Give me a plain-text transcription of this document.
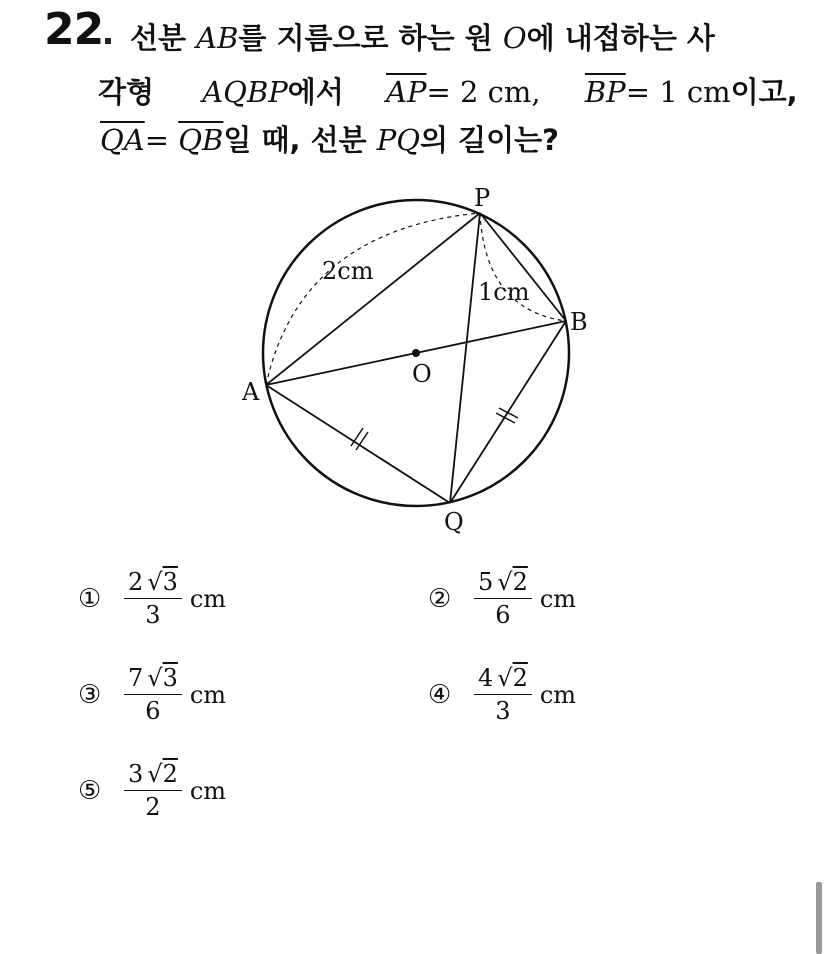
22 선분 AB를 지름으로 하는 원 O에 내접하는 사
각형  AQBP에서  $\overline{AP}= 2$ cm, $\overline{BP}= 1$ cm이고,
$\overline{QA}= \overline{QB}$일 때, 선분 PQ의 길이는?
P
A
B
Q
O
2cm
1cm
① $\frac{2 √3}{3}$ cm	② $\frac{5 √2}{6}$ cm
③ $\frac{7 √3}{6}$ cm	④ $\frac{4 √2}{3}$ cm
⑤ $\frac{3 √2}{2}$ cm
